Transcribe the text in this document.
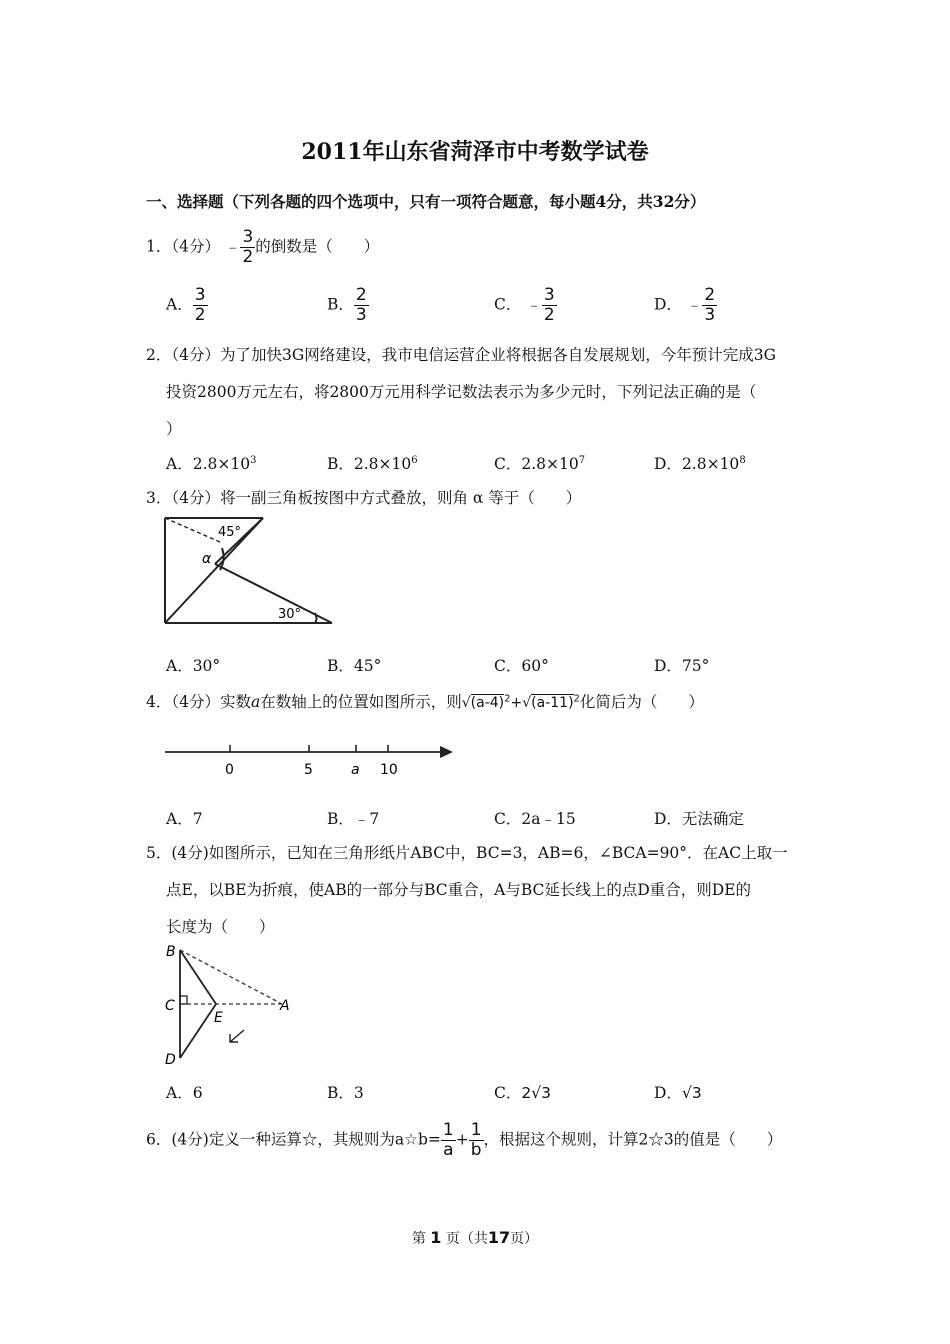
2011年山东省菏泽市中考数学试卷
一、选择题（下列各题的四个选项中，只有一项符合题意，每小题4分，共32分）
1．（4分） ﹣ $\frac{3}{2}$ 的倒数是（　　）
A． $\frac{3}{2}$	B． $\frac{2}{3}$	C． ﹣ $\frac{3}{2}$	D． ﹣ $\frac{2}{3}$
2．（4分）为了加快3G网络建设，我市电信运营企业将根据各自发展规划，今年预计完成3G
投资2800万元左右，将2800万元用科学记数法表示为多少元时，下列记法正确的是（
）
A．$2.8\times 10^3$	B．$2.8\times 10^6$	C．$2.8\times 10^7$	D．$2.8\times 10^8$
3．（4分）将一副三角板按图中方式叠放，则角 α 等于（　　）
45°
α
30°
A．30°	B．45°	C．60°	D．75°
4．（4分）实数a在数轴上的位置如图所示，则$√(a-4)^2+√(a-11)^2$化简后为（　　）
0	5	a 10
A．7	B．﹣7	C．2a﹣15	D．无法确定
5．(4分)如图所示，已知在三角形纸片ABC中，BC=3，AB=6，∠BCA=90°．在AC上取一
点E，以BE为折痕，使AB的一部分与BC重合，A与BC延长线上的点D重合，则DE的
长度为（　　）
B
C	A
E
D
A．6	B．3	C．2√3	D．√3
6．(4分)定义一种运算☆，其规则为a☆b= $\frac{1}{a} + \frac{1}{b}$ ，根据这个规则，计算2☆3的值是（　　）
第 1 页（共17页）
